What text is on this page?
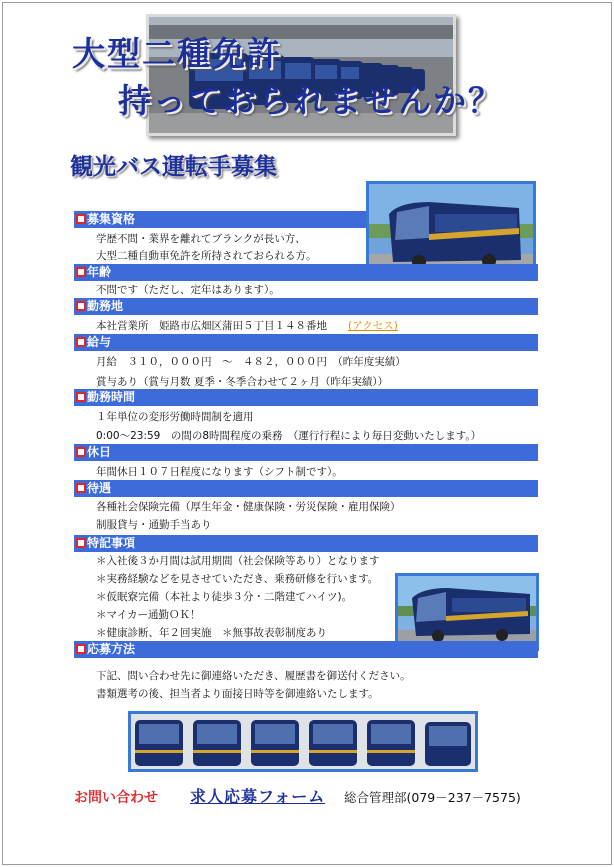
大型二種免許
持っておられませんか？
観光バス運転手募集
募集資格
学歴不問・業界を離れてブランクが長い方、
大型二種自動車免許を所持されておられる方。
年齢
不問です（ただし、定年はあります）。
勤務地
本社営業所　姫路市広畑区蒲田５丁目１４８番地　　 (アクセス)
給与
月給　３１０，０００円　～　４８２，０００円　（昨年度実績）
賞与あり（賞与月数 夏季・冬季合わせて２ヶ月（昨年実績））
勤務時間
１年単位の変形労働時間制を適用
0:00～23:59　の間の8時間程度の乗務　（運行行程により毎日変動いたします。）
休日
年間休日１０７日程度になります（シフト制です）。
待遇
各種社会保険完備（厚生年金・健康保険・労災保険・雇用保険）
制服貸与・通勤手当あり
特記事項
＊入社後３か月間は試用期間（社会保険等あり）となります
＊実務経験などを見させていただき、乗務研修を行います。
＊仮眠寮完備（本社より徒歩３分・二階建てハイツ)。
＊マイカー通勤ＯＫ！
＊健康診断、年２回実施　＊無事故表彰制度あり
応募方法
下記、問い合わせ先に御連絡いただき、履歴書を御送付ください。
書類選考の後、担当者より面接日時等を御連絡いたします。
お問い合わせ 求人応募フォーム 総合管理部(079－237－7575)
